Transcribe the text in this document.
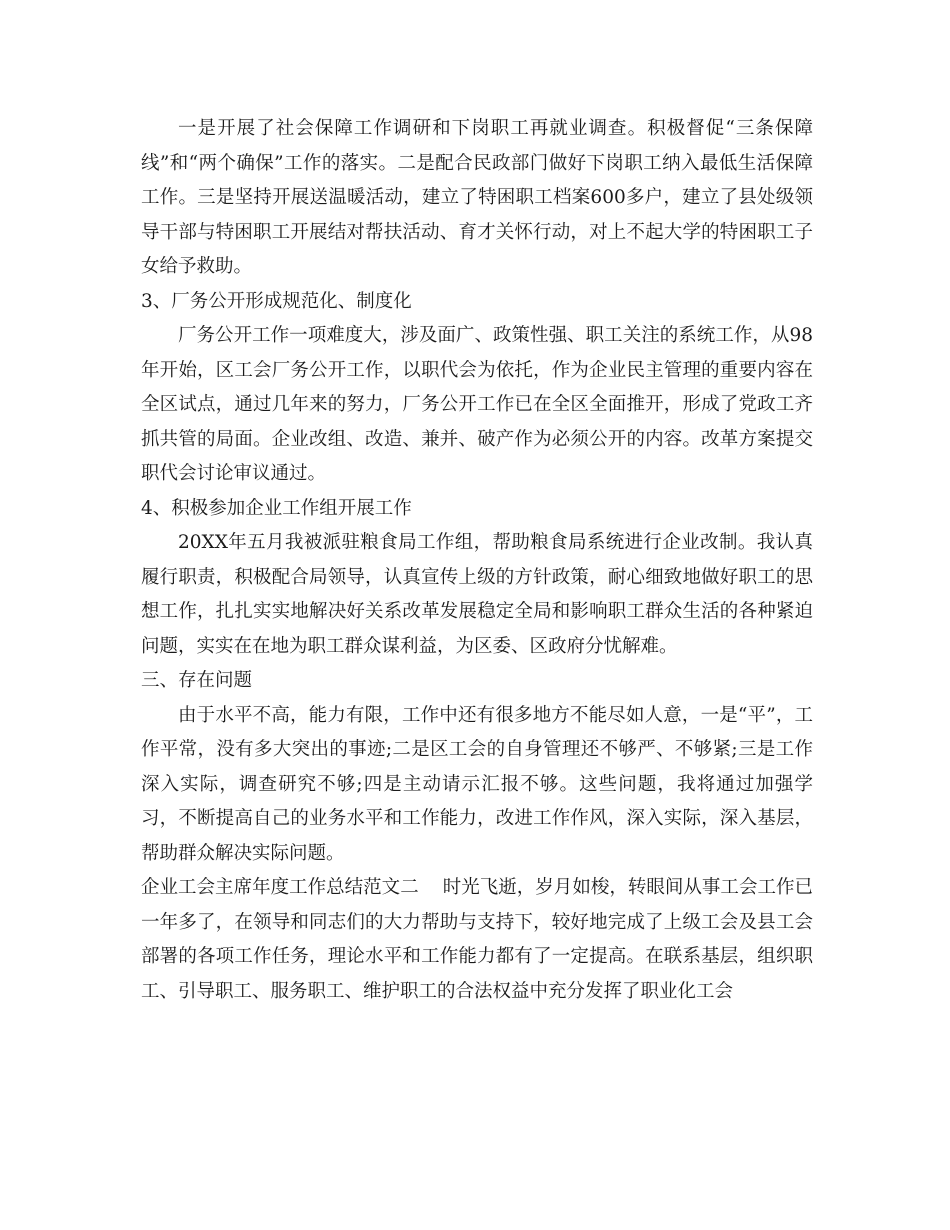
一是开展了社会保障工作调研和下岗职工再就业调查。积极督促“三条保障线”和“两个确保”工作的落实。二是配合民政部门做好下岗职工纳入最低生活保障工作。三是坚持开展送温暖活动，建立了特困职工档案600多户，建立了县处级领导干部与特困职工开展结对帮扶活动、育才关怀行动，对上不起大学的特困职工子女给予救助。

3、厂务公开形成规范化、制度化

厂务公开工作一项难度大，涉及面广、政策性强、职工关注的系统工作，从98年开始，区工会厂务公开工作，以职代会为依托，作为企业民主管理的重要内容在全区试点，通过几年来的努力，厂务公开工作已在全区全面推开，形成了党政工齐抓共管的局面。企业改组、改造、兼并、破产作为必须公开的内容。改革方案提交职代会讨论审议通过。

4、积极参加企业工作组开展工作

20XX年五月我被派驻粮食局工作组，帮助粮食局系统进行企业改制。我认真履行职责，积极配合局领导，认真宣传上级的方针政策，耐心细致地做好职工的思想工作，扎扎实实地解决好关系改革发展稳定全局和影响职工群众生活的各种紧迫问题，实实在在地为职工群众谋利益，为区委、区政府分忧解难。

三、存在问题

由于水平不高，能力有限，工作中还有很多地方不能尽如人意，一是“平”，工作平常，没有多大突出的事迹;二是区工会的自身管理还不够严、不够紧;三是工作深入实际，调查研究不够;四是主动请示汇报不够。这些问题，我将通过加强学习，不断提高自己的业务水平和工作能力，改进工作作风，深入实际，深入基层，帮助群众解决实际问题。

企业工会主席年度工作总结范文二 时光飞逝，岁月如梭，转眼间从事工会工作已一年多了，在领导和同志们的大力帮助与支持下，较好地完成了上级工会及县工会部署的各项工作任务，理论水平和工作能力都有了一定提高。在联系基层，组织职工、引导职工、服务职工、维护职工的合法权益中充分发挥了职业化工会
